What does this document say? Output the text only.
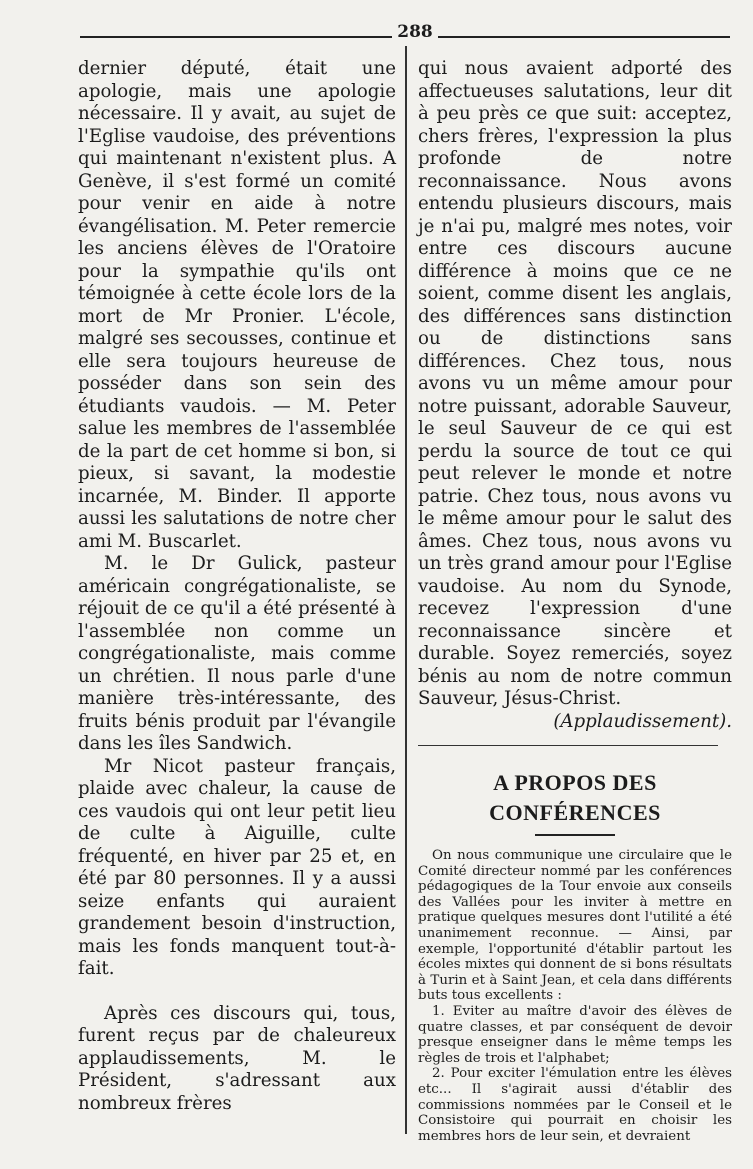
288

dernier député, était une apologie, mais une apologie nécessaire. Il y avait, au sujet de l'Eglise vaudoise, des préventions qui maintenant n'existent plus. A Genève, il s'est formé un comité pour venir en aide à notre évangélisation. M. Peter remercie les anciens élèves de l'Oratoire pour la sympathie qu'ils ont témoignée à cette école lors de la mort de Mr Pronier. L'école, malgré ses secousses, continue et elle sera toujours heureuse de posséder dans son sein des étudiants vaudois. — M. Peter salue les membres de l'assemblée de la part de cet homme si bon, si pieux, si savant, la modestie incarnée, M. Binder. Il apporte aussi les salutations de notre cher ami M. Buscarlet.

M. le Dr Gulick, pasteur américain congrégationaliste, se réjouit de ce qu'il a été présenté à l'assemblée non comme un congrégationaliste, mais comme un chrétien. Il nous parle d'une manière très-intéressante, des fruits bénis produit par l'évangile dans les îles Sandwich.

Mr Nicot pasteur français, plaide avec chaleur, la cause de ces vaudois qui ont leur petit lieu de culte à Aiguille, culte fréquenté, en hiver par 25 et, en été par 80 personnes. Il y a aussi seize enfants qui auraient grandement besoin d'instruction, mais les fonds manquent tout-à-fait.

Après ces discours qui, tous, furent reçus par de chaleureux applaudissements, M. le Président, s'adressant aux nombreux frères

qui nous avaient adporté des affectueuses salutations, leur dit à peu près ce que suit: acceptez, chers frères, l'expression la plus profonde de notre reconnaissance. Nous avons entendu plusieurs discours, mais je n'ai pu, malgré mes notes, voir entre ces discours aucune différence à moins que ce ne soient, comme disent les anglais, des différences sans distinction ou de distinctions sans différences. Chez tous, nous avons vu un même amour pour notre puissant, adorable Sauveur, le seul Sauveur de ce qui est perdu la source de tout ce qui peut relever le monde et notre patrie. Chez tous, nous avons vu le même amour pour le salut des âmes. Chez tous, nous avons vu un très grand amour pour l'Eglise vaudoise. Au nom du Synode, recevez l'expression d'une reconnaissance sincère et durable. Soyez remerciés, soyez bénis au nom de notre commun Sauveur, Jésus-Christ.

(Applaudissement).

A PROPOS DES CONFÉRENCES

On nous communique une circulaire que le Comité directeur nommé par les conférences pédagogiques de la Tour envoie aux conseils des Vallées pour les inviter à mettre en pratique quelques mesures dont l'utilité a été unanimement reconnue. — Ainsi, par exemple, l'opportunité d'établir partout les écoles mixtes qui donnent de si bons résultats à Turin et à Saint Jean, et cela dans différents buts tous excellents :

1. Eviter au maître d'avoir des élèves de quatre classes, et par conséquent de devoir presque enseigner dans le même temps les règles de trois et l'alphabet;

2. Pour exciter l'émulation entre les élèves etc... Il s'agirait aussi d'établir des commissions nommées par le Conseil et le Consistoire qui pourrait en choisir les membres hors de leur sein, et devraient
